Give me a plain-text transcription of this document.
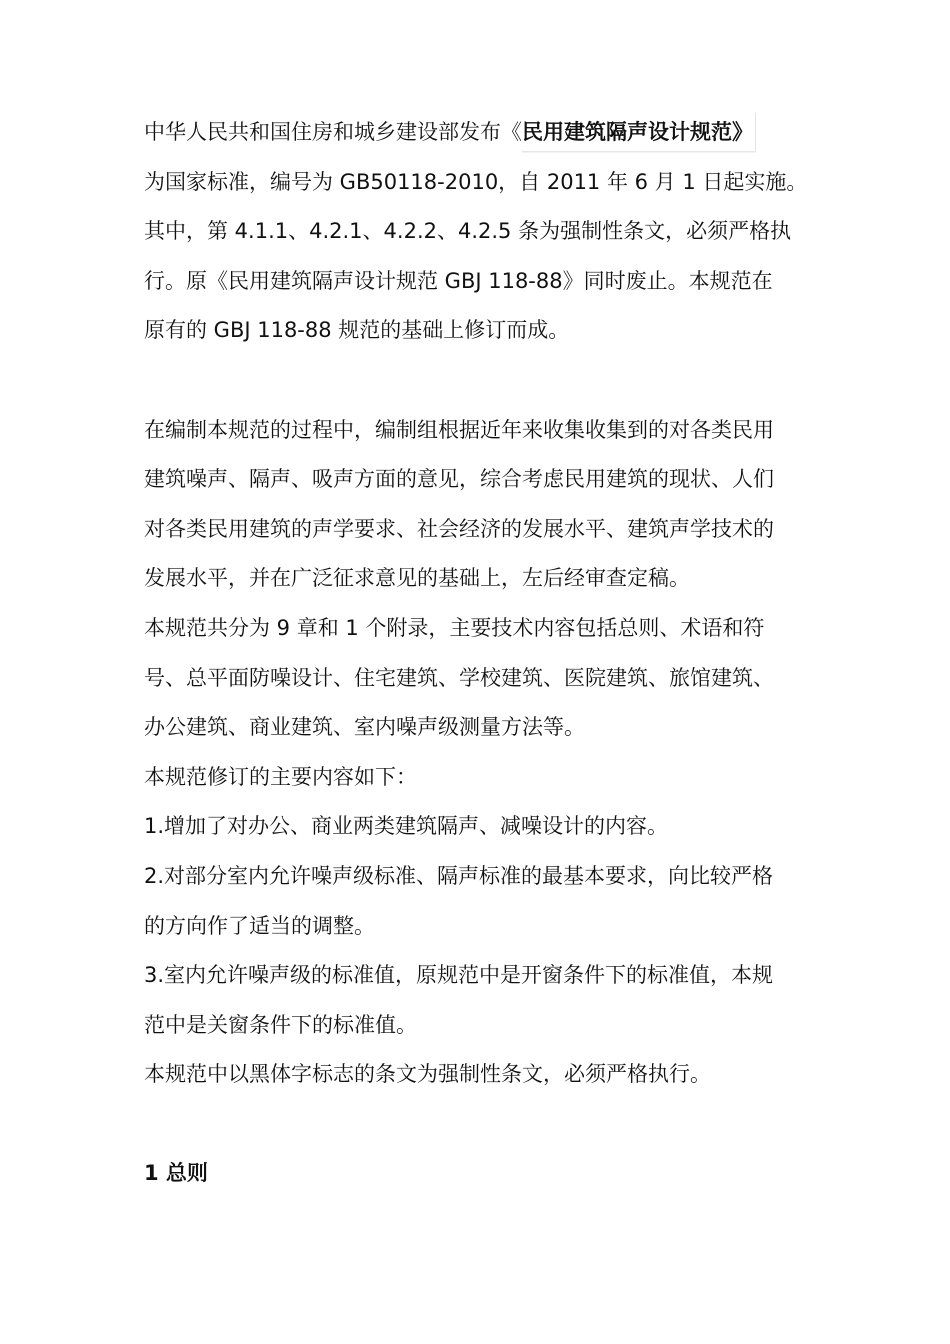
中华人民共和国住房和城乡建设部发布《民用建筑隔声设计规范》
为国家标准，编号为 GB50118-2010，自 2011 年 6 月 1 日起实施。
其中，第 4.1.1、4.2.1、4.2.2、4.2.5 条为强制性条文，必须严格执
行。原《民用建筑隔声设计规范 GBJ 118-88》同时废止。本规范在
原有的 GBJ 118-88 规范的基础上修订而成。
在编制本规范的过程中，编制组根据近年来收集收集到的对各类民用
建筑噪声、隔声、吸声方面的意见，综合考虑民用建筑的现状、人们
对各类民用建筑的声学要求、社会经济的发展水平、建筑声学技术的
发展水平，并在广泛征求意见的基础上，左后经审查定稿。
本规范共分为 9 章和 1 个附录，主要技术内容包括总则、术语和符
号、总平面防噪设计、住宅建筑、学校建筑、医院建筑、旅馆建筑、
办公建筑、商业建筑、室内噪声级测量方法等。
本规范修订的主要内容如下：
1.增加了对办公、商业两类建筑隔声、减噪设计的内容。
2.对部分室内允许噪声级标准、隔声标准的最基本要求，向比较严格
的方向作了适当的调整。
3.室内允许噪声级的标准值，原规范中是开窗条件下的标准值，本规
范中是关窗条件下的标准值。
本规范中以黑体字标志的条文为强制性条文，必须严格执行。
1 总则
